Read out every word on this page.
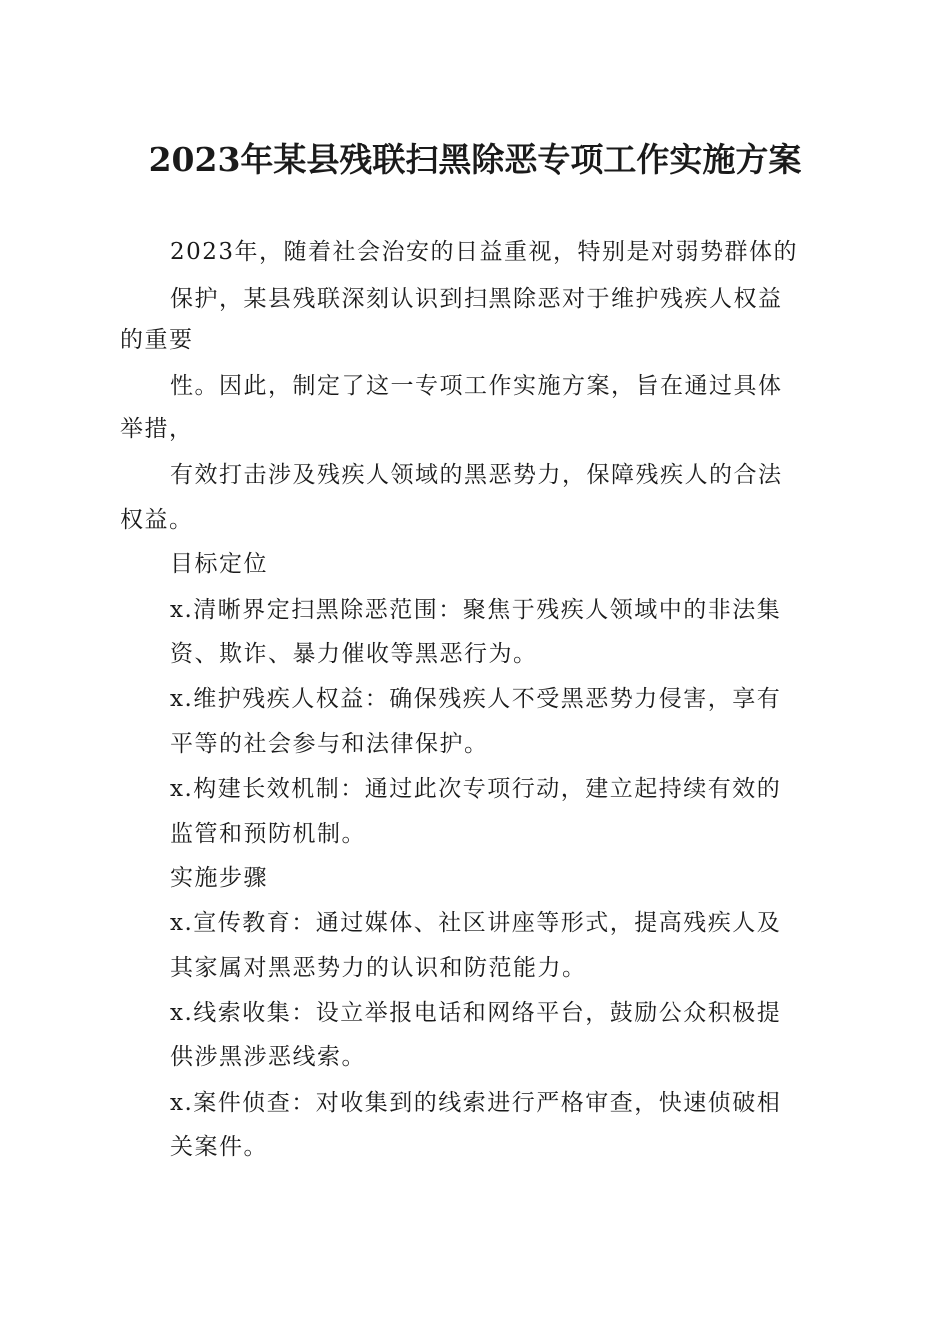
2023年某县残联扫黑除恶专项工作实施方案
2023年，随着社会治安的日益重视，特别是对弱势群体的
保护，某县残联深刻认识到扫黑除恶对于维护残疾人权益
的重要
性。因此，制定了这一专项工作实施方案，旨在通过具体
举措，
有效打击涉及残疾人领域的黑恶势力，保障残疾人的合法
权益。
目标定位
x.清晰界定扫黑除恶范围：聚焦于残疾人领域中的非法集
资、欺诈、暴力催收等黑恶行为。
x.维护残疾人权益：确保残疾人不受黑恶势力侵害，享有
平等的社会参与和法律保护。
x.构建长效机制：通过此次专项行动，建立起持续有效的
监管和预防机制。
实施步骤
x.宣传教育：通过媒体、社区讲座等形式，提高残疾人及
其家属对黑恶势力的认识和防范能力。
x.线索收集：设立举报电话和网络平台，鼓励公众积极提
供涉黑涉恶线索。
x.案件侦查：对收集到的线索进行严格审查，快速侦破相
关案件。
